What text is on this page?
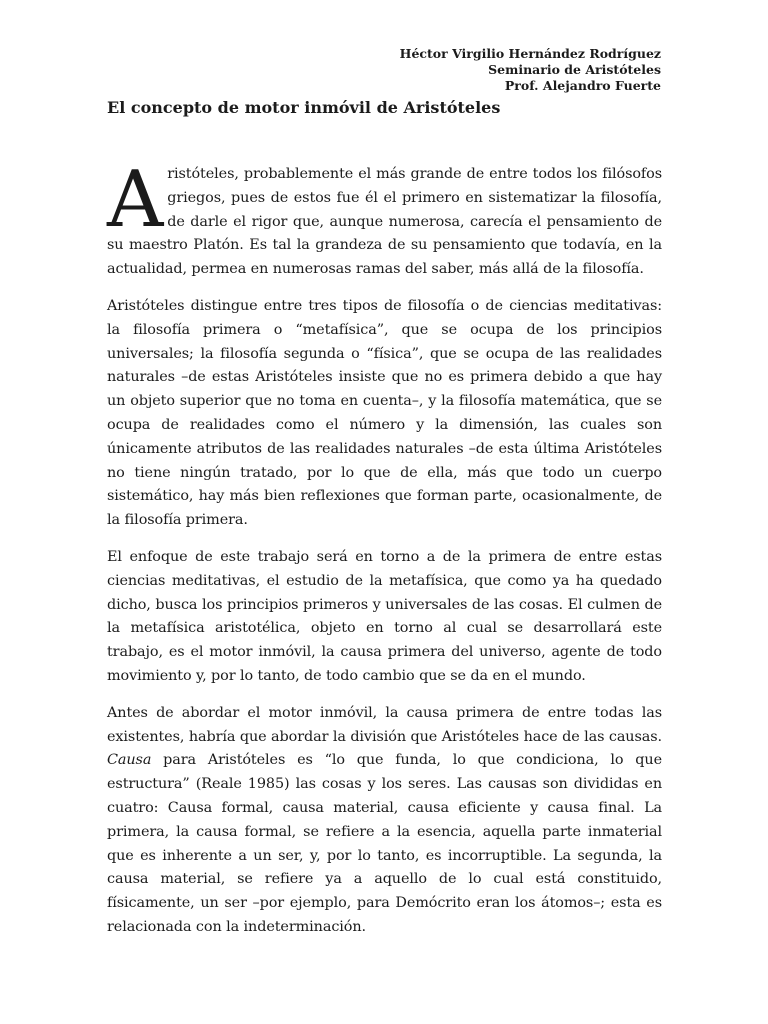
Héctor Virgilio Hernández Rodríguez
Seminario de Aristóteles
Prof. Alejandro Fuerte
El concepto de motor inmóvil de Aristóteles

Aristóteles, probablemente el más grande de entre todos los filósofos griegos, pues de estos fue él el primero en sistematizar la filosofía, de darle el rigor que, aunque numerosa, carecía el pensamiento de su maestro Platón. Es tal la grandeza de su pensamiento que todavía, en la actualidad, permea en numerosas ramas del saber, más allá de la filosofía.

Aristóteles distingue entre tres tipos de filosofía o de ciencias meditativas: la filosofía primera o “metafísica”, que se ocupa de los principios universales; la filosofía segunda o “física”, que se ocupa de las realidades naturales –de estas Aristóteles insiste que no es primera debido a que hay un objeto superior que no toma en cuenta–, y la filosofía matemática, que se ocupa de realidades como el número y la dimensión, las cuales son únicamente atributos de las realidades naturales –de esta última Aristóteles no tiene ningún tratado, por lo que de ella, más que todo un cuerpo sistemático, hay más bien reflexiones que forman parte, ocasionalmente, de la filosofía primera.

El enfoque de este trabajo será en torno a de la primera de entre estas ciencias meditativas, el estudio de la metafísica, que como ya ha quedado dicho, busca los principios primeros y universales de las cosas. El culmen de la metafísica aristotélica, objeto en torno al cual se desarrollará este trabajo, es el motor inmóvil, la causa primera del universo, agente de todo movimiento y, por lo tanto, de todo cambio que se da en el mundo.

Antes de abordar el motor inmóvil, la causa primera de entre todas las existentes, habría que abordar la división que Aristóteles hace de las causas. Causa para Aristóteles es “lo que funda, lo que condiciona, lo que estructura” (Reale 1985) las cosas y los seres. Las causas son divididas en cuatro: Causa formal, causa material, causa eficiente y causa final. La primera, la causa formal, se refiere a la esencia, aquella parte inmaterial que es inherente a un ser, y, por lo tanto, es incorruptible. La segunda, la causa material, se refiere ya a aquello de lo cual está constituido, físicamente, un ser –por ejemplo, para Demócrito eran los átomos–; esta es relacionada con la indeterminación.
